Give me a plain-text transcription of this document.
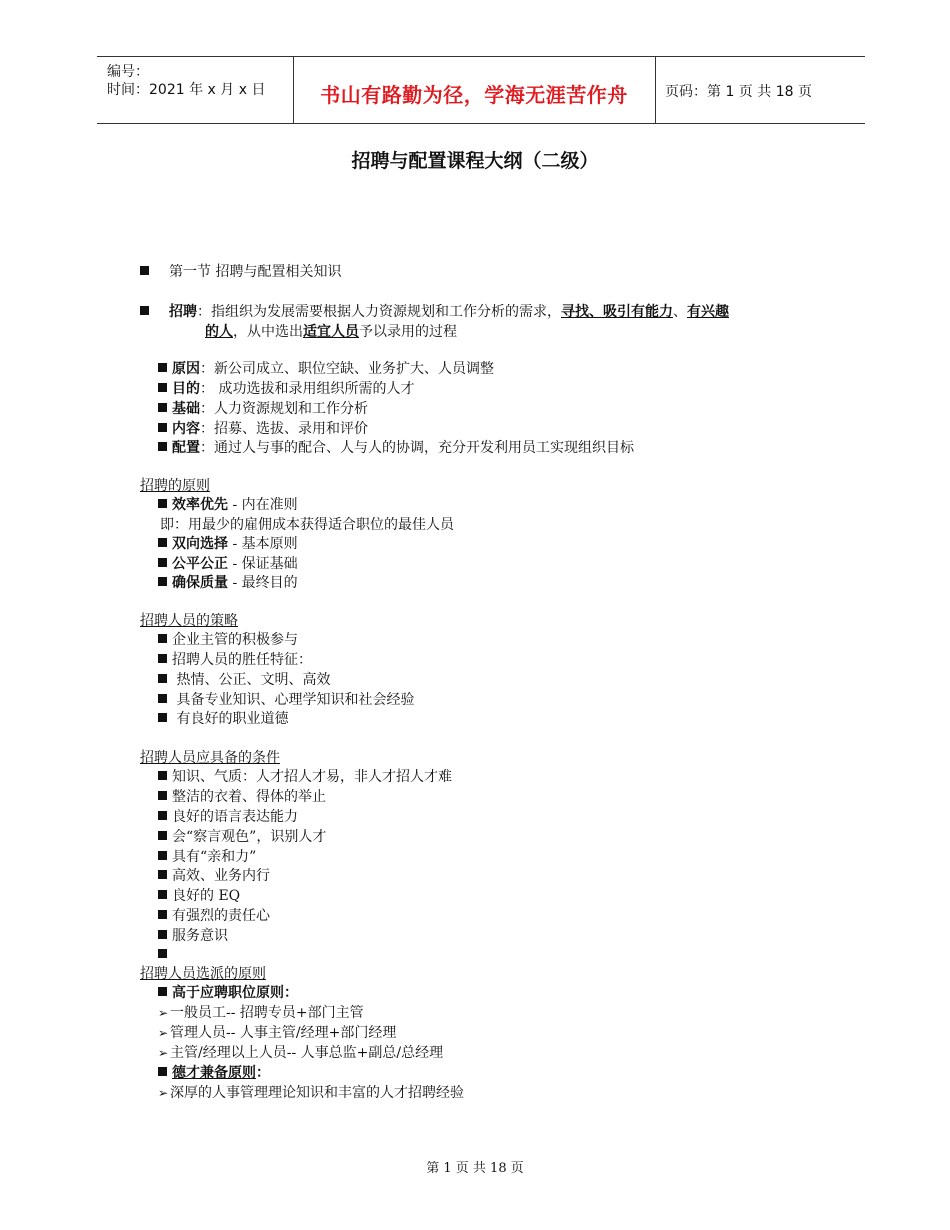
编号：
时间：2021 年 x 月 x 日	书山有路勤为径，学海无涯苦作舟	页码：第 1 页 共 18 页
招聘与配置课程大纲（二级）
第一节 招聘与配置相关知识
招聘：指组织为发展需要根据人力资源规划和工作分析的需求，寻找、吸引有能力、有兴趣
的人，从中选出适宜人员予以录用的过程
原因：新公司成立、职位空缺、业务扩大、人员调整
目的： 成功选拔和录用组织所需的人才
基础：人力资源规划和工作分析
内容：招募、选拔、录用和评价
配置：通过人与事的配合、人与人的协调，充分开发利用员工实现组织目标
招聘的原则
效率优先 - 内在准则
即：用最少的雇佣成本获得适合职位的最佳人员
双向选择 - 基本原则
公平公正 - 保证基础
确保质量 - 最终目的
招聘人员的策略
企业主管的积极参与
招聘人员的胜任特征：
热情、公正、文明、高效
具备专业知识、心理学知识和社会经验
有良好的职业道德
招聘人员应具备的条件
知识、气质：人才招人才易，非人才招人才难
整洁的衣着、得体的举止
良好的语言表达能力
会“察言观色”，识别人才
具有“亲和力”
高效、业务内行
良好的 EQ
有强烈的责任心
服务意识
招聘人员选派的原则
高于应聘职位原则：
➢ 一般员工-- 招聘专员+部门主管
➢ 管理人员-- 人事主管/经理+部门经理
➢ 主管/经理以上人员-- 人事总监+副总/总经理
德才兼备原则：
➢ 深厚的人事管理理论知识和丰富的人才招聘经验
第 1 页 共 18 页
